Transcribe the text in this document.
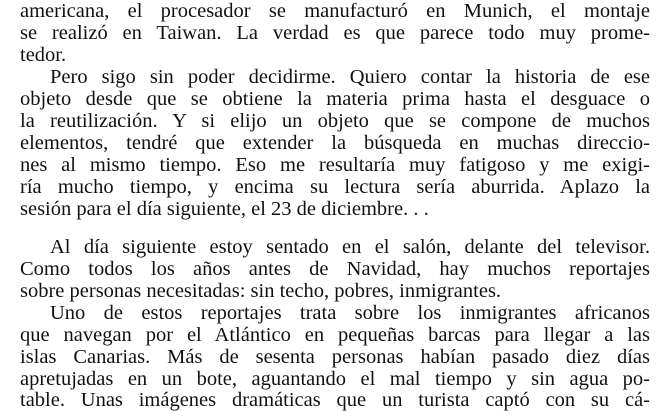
americana, el procesador se manufacturó en Munich, el montaje
se realizó en Taiwan. La verdad es que parece todo muy prome-
tedor.
Pero sigo sin poder decidirme. Quiero contar la historia de ese
objeto desde que se obtiene la materia prima hasta el desguace o
la reutilización. Y si elijo un objeto que se compone de muchos
elementos, tendré que extender la búsqueda en muchas direccio-
nes al mismo tiempo. Eso me resultaría muy fatigoso y me exigi-
ría mucho tiempo, y encima su lectura sería aburrida. Aplazo la
sesión para el día siguiente, el 23 de diciembre. . .
Al día siguiente estoy sentado en el salón, delante del televisor.
Como todos los años antes de Navidad, hay muchos reportajes
sobre personas necesitadas: sin techo, pobres, inmigrantes.
Uno de estos reportajes trata sobre los inmigrantes africanos
que navegan por el Atlántico en pequeñas barcas para llegar a las
islas Canarias. Más de sesenta personas habían pasado diez días
apretujadas en un bote, aguantando el mal tiempo y sin agua po-
table. Unas imágenes dramáticas que un turista captó con su cá-
